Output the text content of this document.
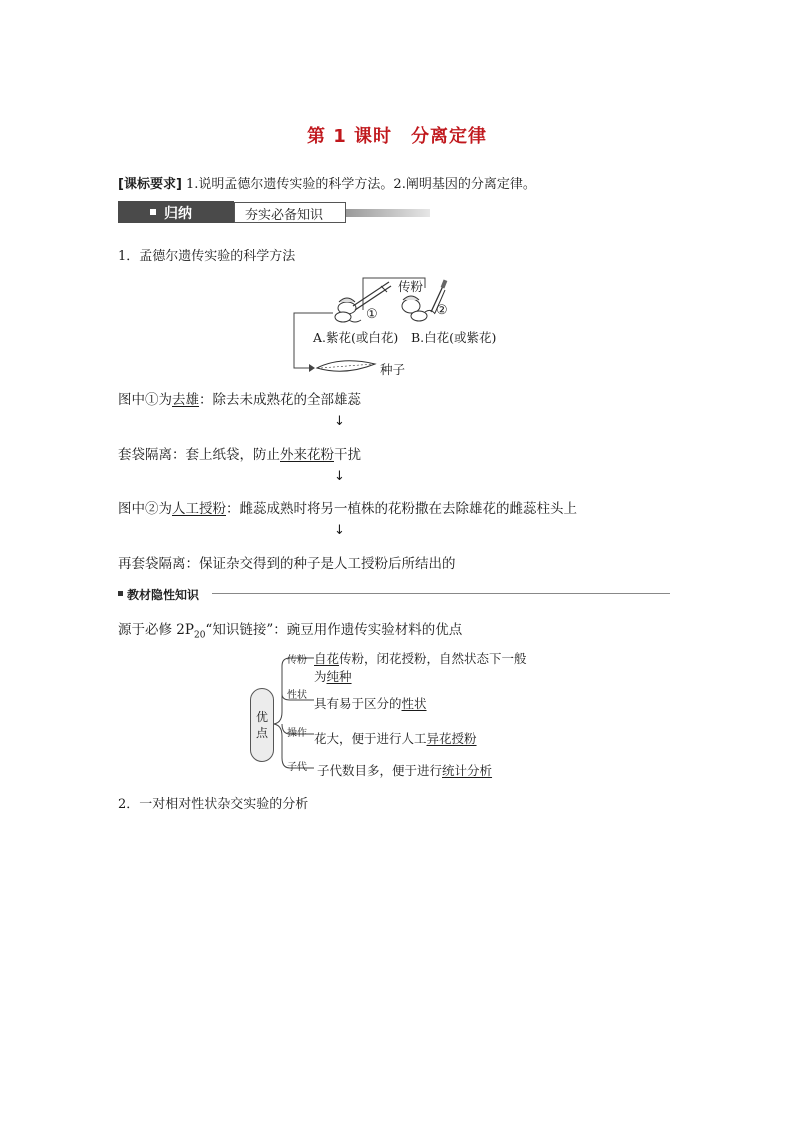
第 1 课时　分离定律
[课标要求] 1.说明孟德尔遗传实验的科学方法。2.阐明基因的分离定律。
归纳	夯实必备知识
1．孟德尔遗传实验的科学方法
传粉
①	②
A.紫花(或白花) B.白花(或紫花)
种子
图中①为去雄：除去未成熟花的全部雄蕊
↓
套袋隔离：套上纸袋，防止外来花粉干扰
↓
图中②为人工授粉：雌蕊成熟时将另一植株的花粉撒在去除雄花的雌蕊柱头上
↓
再套袋隔离：保证杂交得到的种子是人工授粉后所结出的
教材隐性知识
源于必修 $2P_{20}“$知识链接”：豌豆用作遗传实验材料的优点
优
点
传粉 自花传粉，闭花授粉，自然状态下一般
为纯种
性状
具有易于区分的性状
操作 花大，便于进行人工异花授粉
子代 子代数目多，便于进行统计分析
2．一对相对性状杂交实验的分析
